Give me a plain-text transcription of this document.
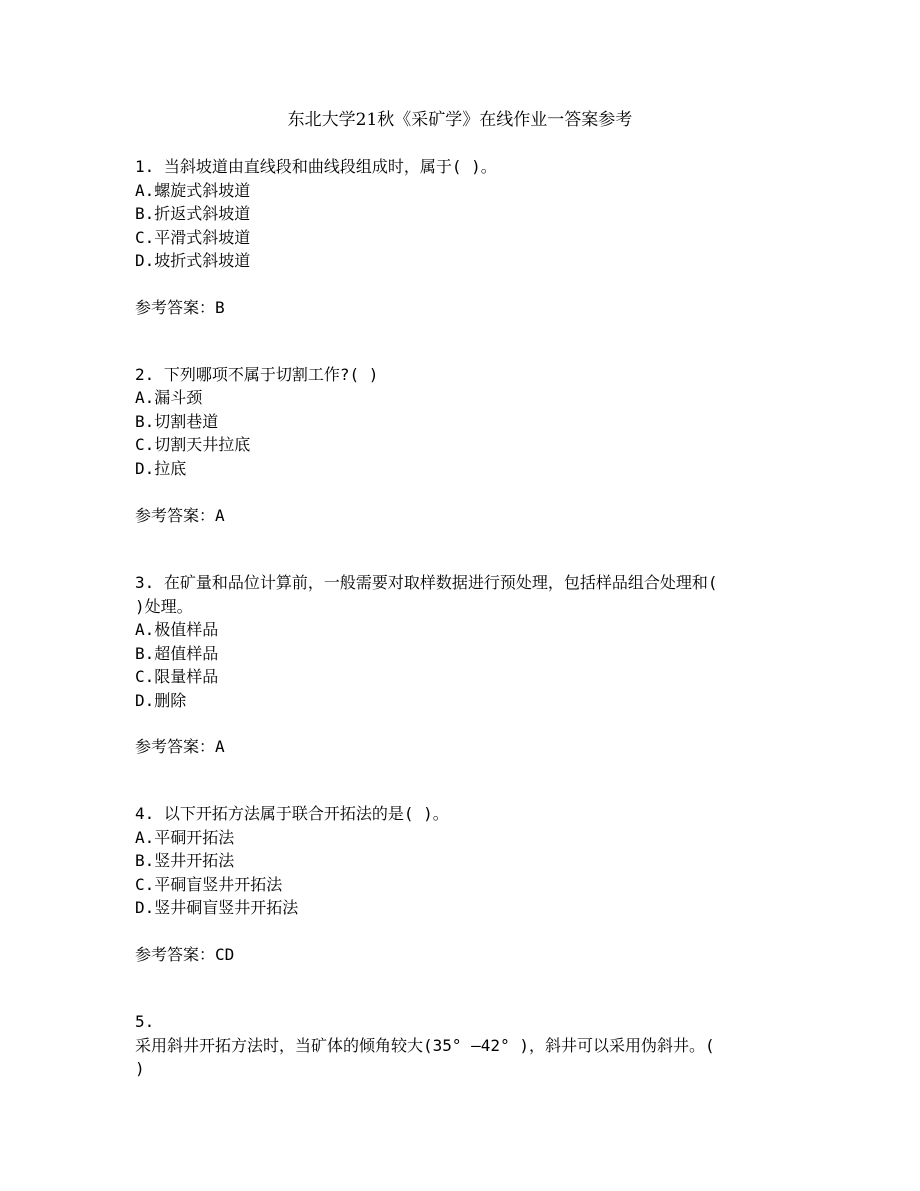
东北大学21秋《采矿学》在线作业一答案参考
1. 当斜坡道由直线段和曲线段组成时，属于( )。
A.螺旋式斜坡道
B.折返式斜坡道
C.平滑式斜坡道
D.坡折式斜坡道
参考答案：B
2. 下列哪项不属于切割工作?( )
A.漏斗颈
B.切割巷道
C.切割天井拉底
D.拉底
参考答案：A
3. 在矿量和品位计算前，一般需要对取样数据进行预处理，包括样品组合处理和(
)处理。
A.极值样品
B.超值样品
C.限量样品
D.删除
参考答案：A
4. 以下开拓方法属于联合开拓法的是( )。
A.平硐开拓法
B.竖井开拓法
C.平硐盲竖井开拓法
D.竖井硐盲竖井开拓法
参考答案：CD
5.
采用斜井开拓方法时，当矿体的倾角较大(35° —42° )，斜井可以采用伪斜井。(
)
